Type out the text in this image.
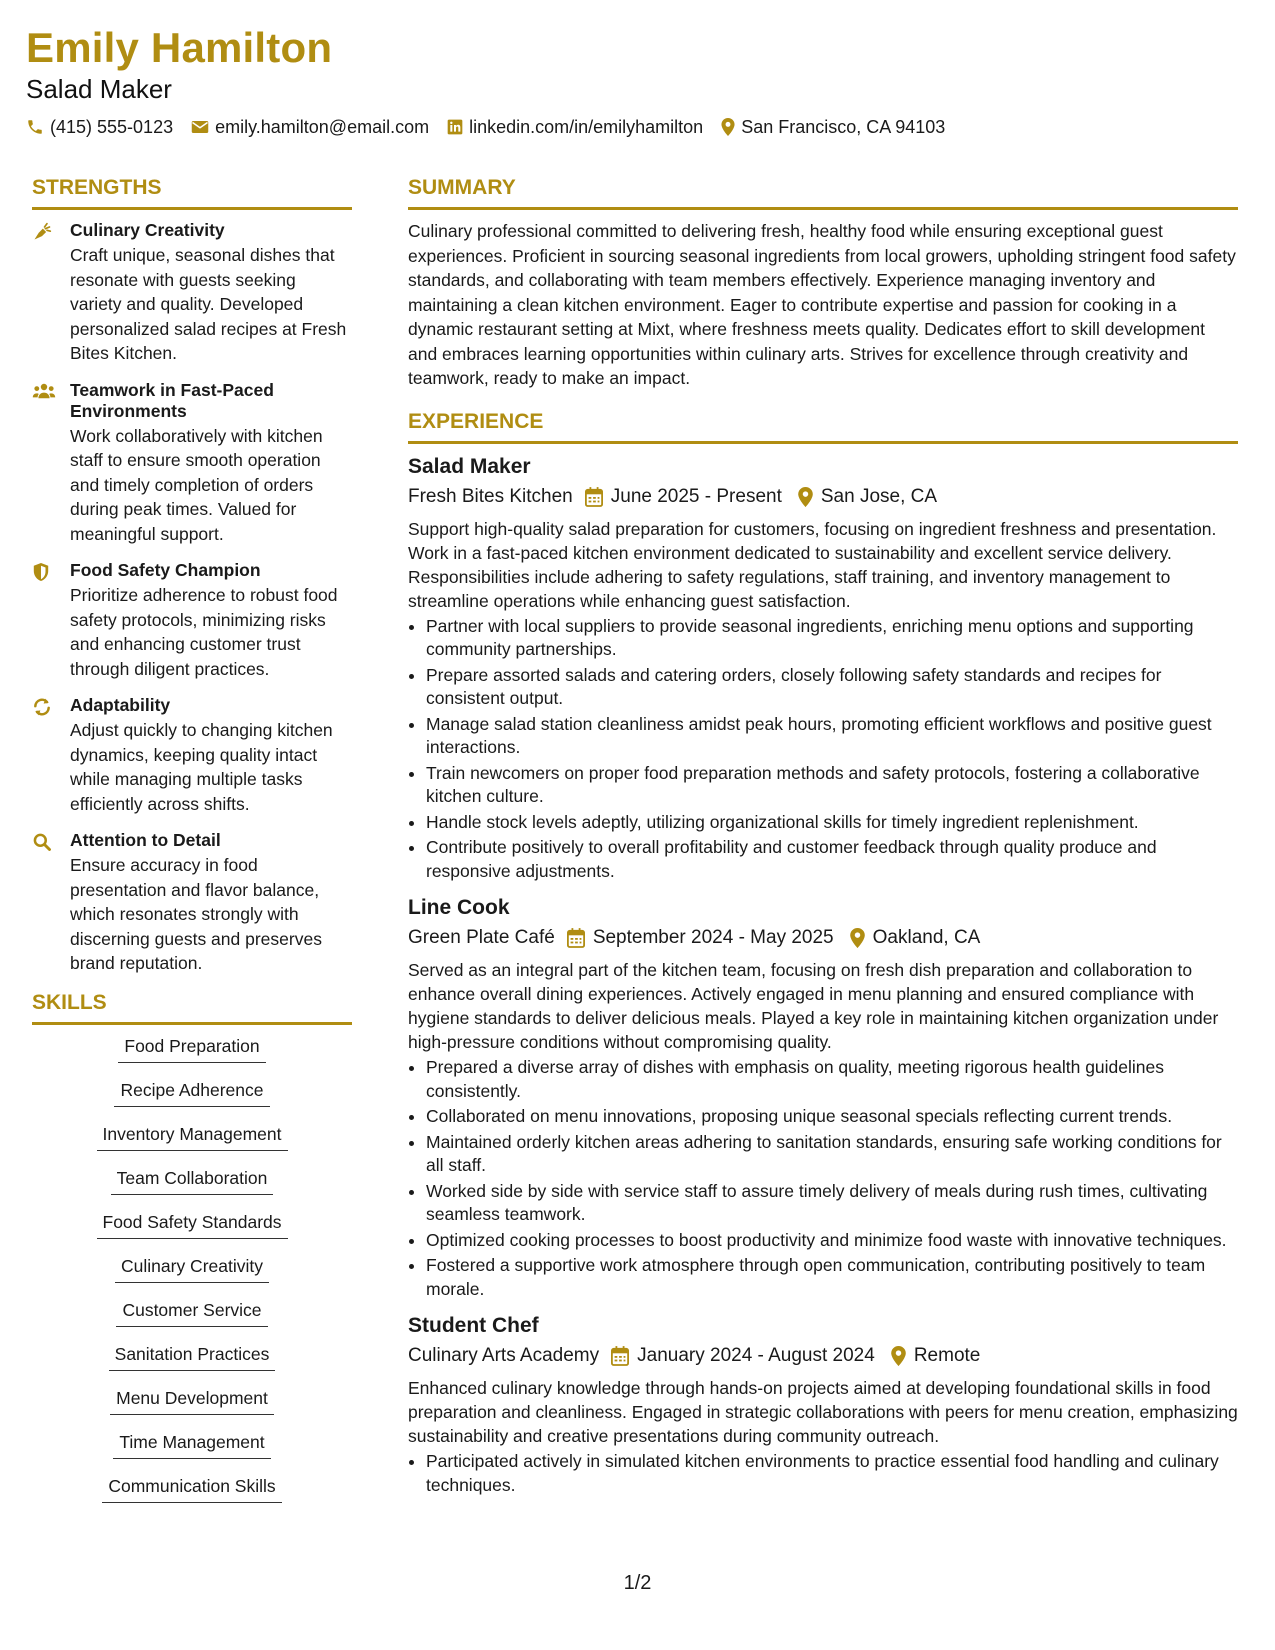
Emily Hamilton
Salad Maker
(415) 555-0123 emily.hamilton@email.com linkedin.com/in/emilyhamilton San Francisco, CA 94103
STRENGTHS
Culinary Creativity
Craft unique, seasonal dishes that resonate with guests seeking variety and quality. Developed personalized salad recipes at Fresh Bites Kitchen.
Teamwork in Fast-Paced Environments
Work collaboratively with kitchen staff to ensure smooth operation and timely completion of orders during peak times. Valued for meaningful support.
Food Safety Champion
Prioritize adherence to robust food safety protocols, minimizing risks and enhancing customer trust through diligent practices.
Adaptability
Adjust quickly to changing kitchen dynamics, keeping quality intact while managing multiple tasks efficiently across shifts.
Attention to Detail
Ensure accuracy in food presentation and flavor balance, which resonates strongly with discerning guests and preserves brand reputation.
SKILLS
Food Preparation
Recipe Adherence
Inventory Management
Team Collaboration
Food Safety Standards
Culinary Creativity
Customer Service
Sanitation Practices
Menu Development
Time Management
Communication Skills
SUMMARY
Culinary professional committed to delivering fresh, healthy food while ensuring exceptional guest experiences. Proficient in sourcing seasonal ingredients from local growers, upholding stringent food safety standards, and collaborating with team members effectively. Experience managing inventory and maintaining a clean kitchen environment. Eager to contribute expertise and passion for cooking in a dynamic restaurant setting at Mixt, where freshness meets quality. Dedicates effort to skill development and embraces learning opportunities within culinary arts. Strives for excellence through creativity and teamwork, ready to make an impact.
EXPERIENCE
Salad Maker
Fresh Bites Kitchen June 2025 - Present San Jose, CA
Support high-quality salad preparation for customers, focusing on ingredient freshness and presentation. Work in a fast-paced kitchen environment dedicated to sustainability and excellent service delivery. Responsibilities include adhering to safety regulations, staff training, and inventory management to streamline operations while enhancing guest satisfaction.
• Partner with local suppliers to provide seasonal ingredients, enriching menu options and supporting community partnerships.
• Prepare assorted salads and catering orders, closely following safety standards and recipes for consistent output.
• Manage salad station cleanliness amidst peak hours, promoting efficient workflows and positive guest interactions.
• Train newcomers on proper food preparation methods and safety protocols, fostering a collaborative kitchen culture.
• Handle stock levels adeptly, utilizing organizational skills for timely ingredient replenishment.
• Contribute positively to overall profitability and customer feedback through quality produce and responsive adjustments.
Line Cook
Green Plate Café September 2024 - May 2025 Oakland, CA
Served as an integral part of the kitchen team, focusing on fresh dish preparation and collaboration to enhance overall dining experiences. Actively engaged in menu planning and ensured compliance with hygiene standards to deliver delicious meals. Played a key role in maintaining kitchen organization under high-pressure conditions without compromising quality.
• Prepared a diverse array of dishes with emphasis on quality, meeting rigorous health guidelines consistently.
• Collaborated on menu innovations, proposing unique seasonal specials reflecting current trends.
• Maintained orderly kitchen areas adhering to sanitation standards, ensuring safe working conditions for all staff.
• Worked side by side with service staff to assure timely delivery of meals during rush times, cultivating seamless teamwork.
• Optimized cooking processes to boost productivity and minimize food waste with innovative techniques.
• Fostered a supportive work atmosphere through open communication, contributing positively to team morale.
Student Chef
Culinary Arts Academy January 2024 - August 2024 Remote
Enhanced culinary knowledge through hands-on projects aimed at developing foundational skills in food preparation and cleanliness. Engaged in strategic collaborations with peers for menu creation, emphasizing sustainability and creative presentations during community outreach.
• Participated actively in simulated kitchen environments to practice essential food handling and culinary techniques.
1/2
